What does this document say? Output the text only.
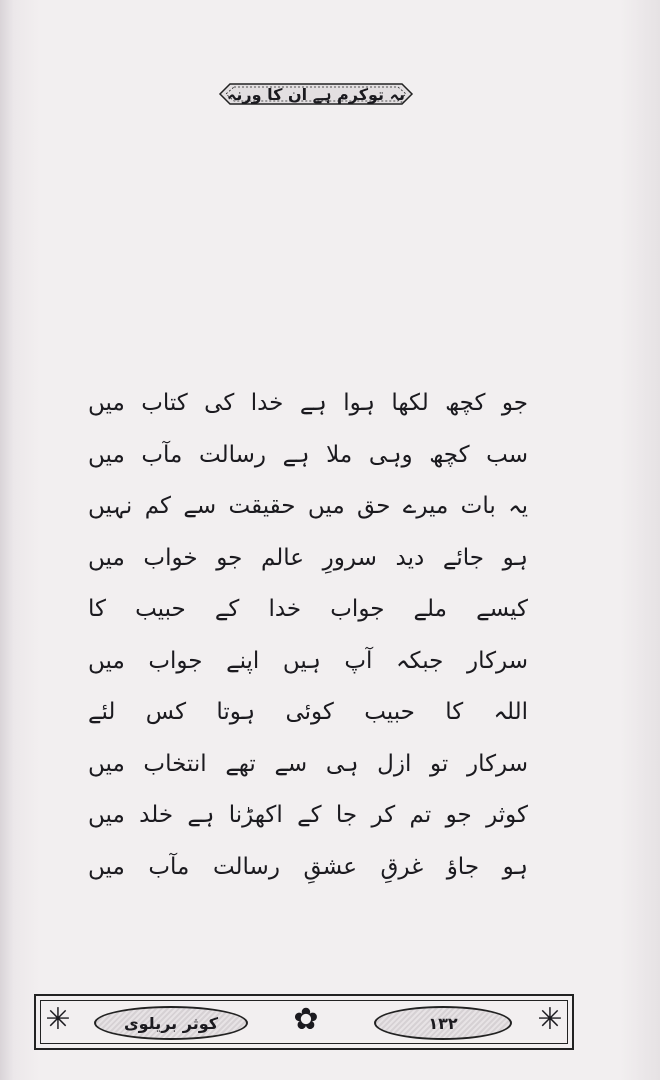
یہ توکرم ہے ان کا ورنہ
جو کچھ لکھا ہوا ہے خدا کی کتاب میں
سب کچھ وہی ملا ہے رسالت مآب میں
یہ بات میرے حق میں حقیقت سے کم نہیں
ہو جائے دید سرورِ عالم جو خواب میں
کیسے ملے جواب خدا کے حبیب کا
سرکار جبکہ آپ ہیں اپنے جواب میں
اللہ کا حبیب کوئی ہوتا کس لئے
سرکار تو ازل ہی سے تھے انتخاب میں
کوثر جو تم کر جا کے اکھڑنا ہے خلد میں
ہو جاؤ غرقِ عشقِ رسالت مآب میں
✳	کوثر بریلوی	✿	۱۳۲	✳
